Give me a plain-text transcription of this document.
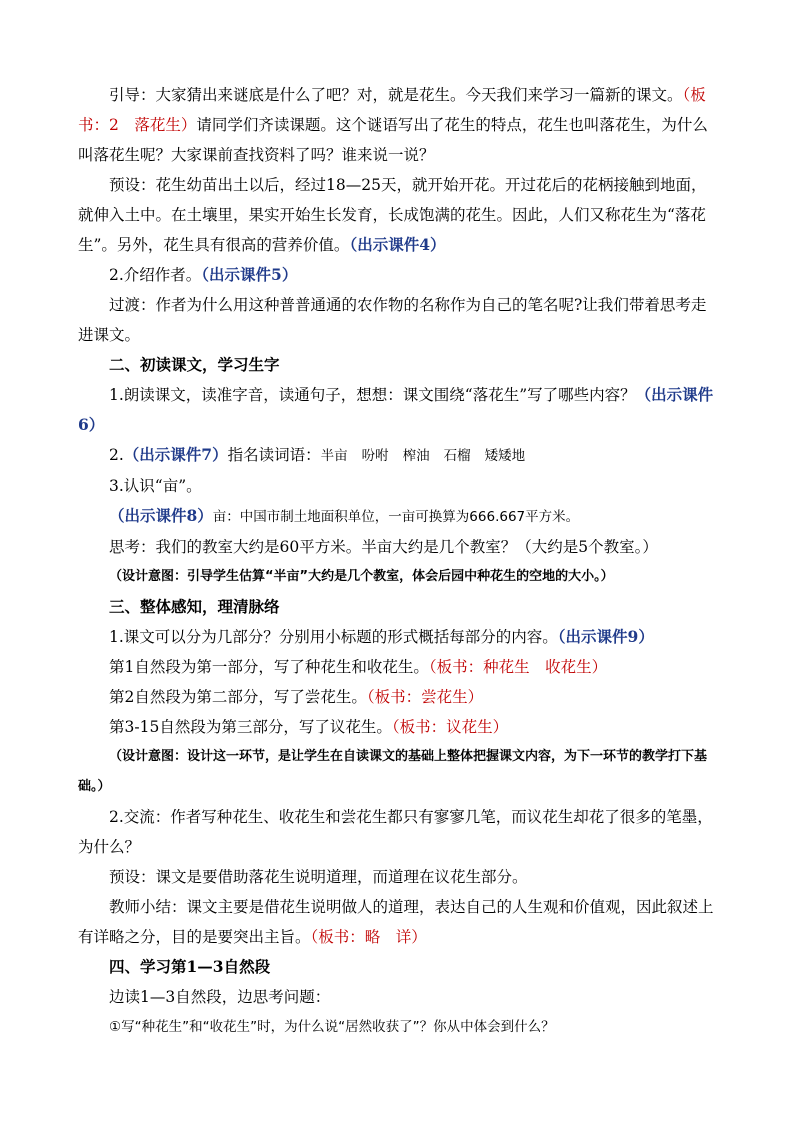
引导：大家猜出来谜底是什么了吧？对，就是花生。今天我们来学习一篇新的课文。（板书：2　落花生）请同学们齐读课题。这个谜语写出了花生的特点，花生也叫落花生，为什么叫落花生呢？大家课前查找资料了吗？谁来说一说？

预设：花生幼苗出土以后，经过18—25天，就开始开花。开过花后的花柄接触到地面，就伸入土中。在土壤里，果实开始生长发育，长成饱满的花生。因此，人们又称花生为“落花生”。另外，花生具有很高的营养价值。（出示课件4）

2.介绍作者。（出示课件5）

过渡：作者为什么用这种普普通通的农作物的名称作为自己的笔名呢?让我们带着思考走进课文。

二、初读课文，学习生字

1.朗读课文，读准字音，读通句子，想想：课文围绕“落花生”写了哪些内容？（出示课件6）

2.（出示课件7）指名读词语：半亩 吩咐 榨油 石榴 矮矮地

3.认识“亩”。

（出示课件8）亩：中国市制土地面积单位，一亩可换算为666.667平方米。

思考：我们的教室大约是60平方米。半亩大约是几个教室？（大约是5个教室。）

（设计意图：引导学生估算“半亩”大约是几个教室，体会后园中种花生的空地的大小。）

三、整体感知，理清脉络

1.课文可以分为几部分？分别用小标题的形式概括每部分的内容。（出示课件9）

第1自然段为第一部分，写了种花生和收花生。（板书：种花生　收花生）

第2自然段为第二部分，写了尝花生。（板书：尝花生）

第3-15自然段为第三部分，写了议花生。（板书：议花生）

（设计意图：设计这一环节，是让学生在自读课文的基础上整体把握课文内容，为下一环节的教学打下基础。）

2.交流：作者写种花生、收花生和尝花生都只有寥寥几笔，而议花生却花了很多的笔墨，为什么？

预设：课文是要借助落花生说明道理，而道理在议花生部分。

教师小结：课文主要是借花生说明做人的道理，表达自己的人生观和价值观，因此叙述上有详略之分，目的是要突出主旨。（板书：略　详）

四、学习第1—3自然段

边读1—3自然段，边思考问题：

①写“种花生”和“收花生”时，为什么说“居然收获了”？你从中体会到什么？
